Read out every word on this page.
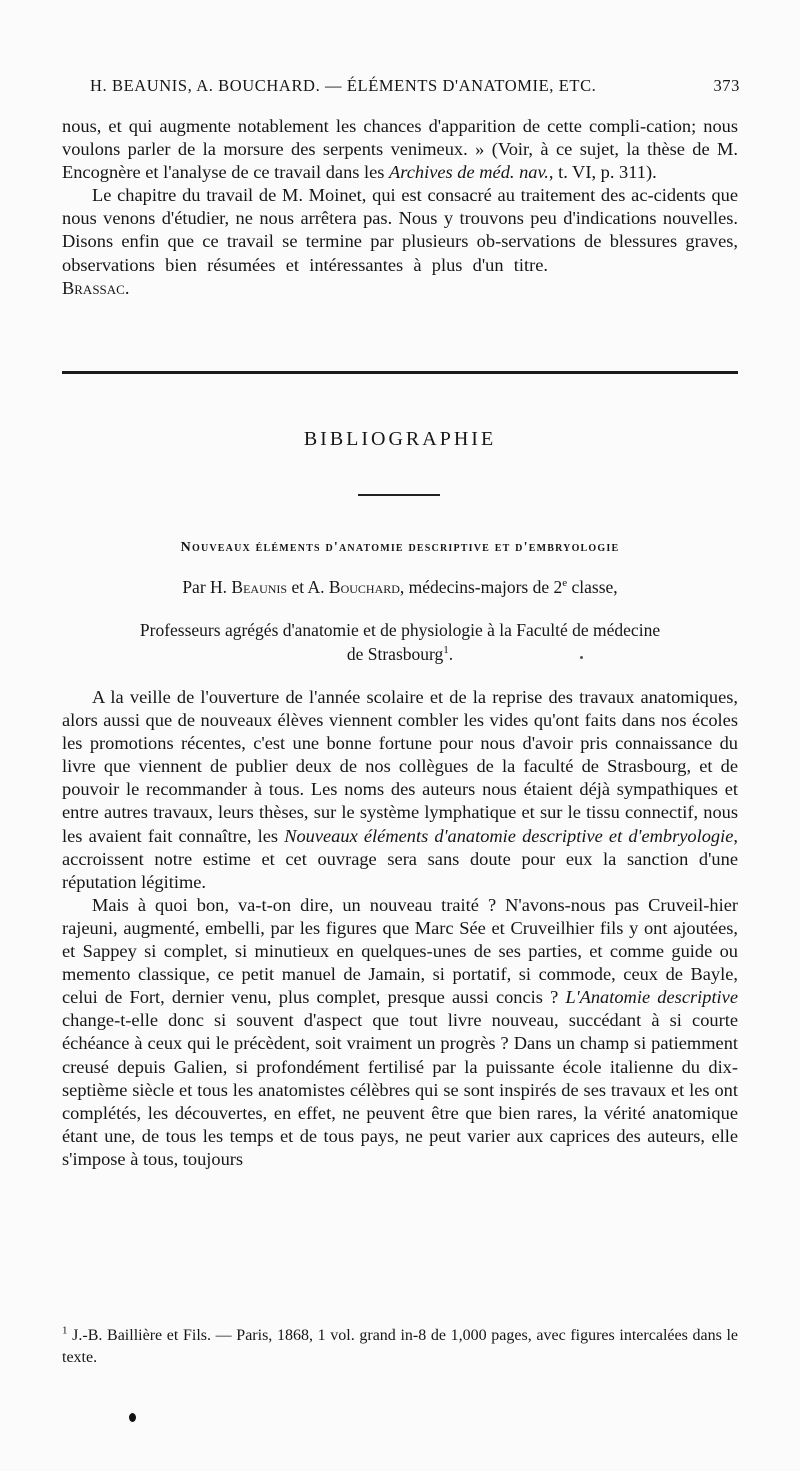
H. BEAUNIS, A. BOUCHARD. — ÉLÉMENTS D'ANATOMIE, ETC.	373

nous, et qui augmente notablement les chances d'apparition de cette compli-cation; nous voulons parler de la morsure des serpents venimeux. » (Voir, à ce sujet, la thèse de M. Encognère et l'analyse de ce travail dans les Archives de méd. nav., t. VI, p. 311).

Le chapitre du travail de M. Moinet, qui est consacré au traitement des ac-cidents que nous venons d'étudier, ne nous arrêtera pas. Nous y trouvons peu d'indications nouvelles. Disons enfin que ce travail se termine par plusieurs ob-servations de blessures graves, observations bien résumées et intéressantes à plus d'un titre.Brassac.

BIBLIOGRAPHIE
Nouveaux éléments d'anatomie descriptive et d'embryologie
Par H. Beaunis et A. Bouchard, médecins-majors de 2e classe,
Professeurs agrégés d'anatomie et de physiologie à la Faculté de médecine
de Strasbourg$^1$.

A la veille de l'ouverture de l'année scolaire et de la reprise des travaux anatomiques, alors aussi que de nouveaux élèves viennent combler les vides qu'ont faits dans nos écoles les promotions récentes, c'est une bonne fortune pour nous d'avoir pris connaissance du livre que viennent de publier deux de nos collègues de la faculté de Strasbourg, et de pouvoir le recommander à tous. Les noms des auteurs nous étaient déjà sympathiques et entre autres travaux, leurs thèses, sur le système lymphatique et sur le tissu connectif, nous les avaient fait connaître, les Nouveaux éléments d'anatomie descriptive et d'embryologie, accroissent notre estime et cet ouvrage sera sans doute pour eux la sanction d'une réputation légitime.

Mais à quoi bon, va-t-on dire, un nouveau traité ? N'avons-nous pas Cruveil-hier rajeuni, augmenté, embelli, par les figures que Marc Sée et Cruveilhier fils y ont ajoutées, et Sappey si complet, si minutieux en quelques-unes de ses parties, et comme guide ou memento classique, ce petit manuel de Jamain, si portatif, si commode, ceux de Bayle, celui de Fort, dernier venu, plus complet, presque aussi concis ? L'Anatomie descriptive change-t-elle donc si souvent d'aspect que tout livre nouveau, succédant à si courte échéance à ceux qui le précèdent, soit vraiment un progrès ? Dans un champ si patiemment creusé depuis Galien, si profondément fertilisé par la puissante école italienne du dix-septième siècle et tous les anatomistes célèbres qui se sont inspirés de ses travaux et les ont complétés, les découvertes, en effet, ne peuvent être que bien rares, la vérité anatomique étant une, de tous les temps et de tous pays, ne peut varier aux caprices des auteurs, elle s'impose à tous, toujours

$^1$ J.-B. Baillière et Fils. — Paris, 1868, 1 vol. grand in-8 de 1,000 pages, avec figures intercalées dans le texte.
